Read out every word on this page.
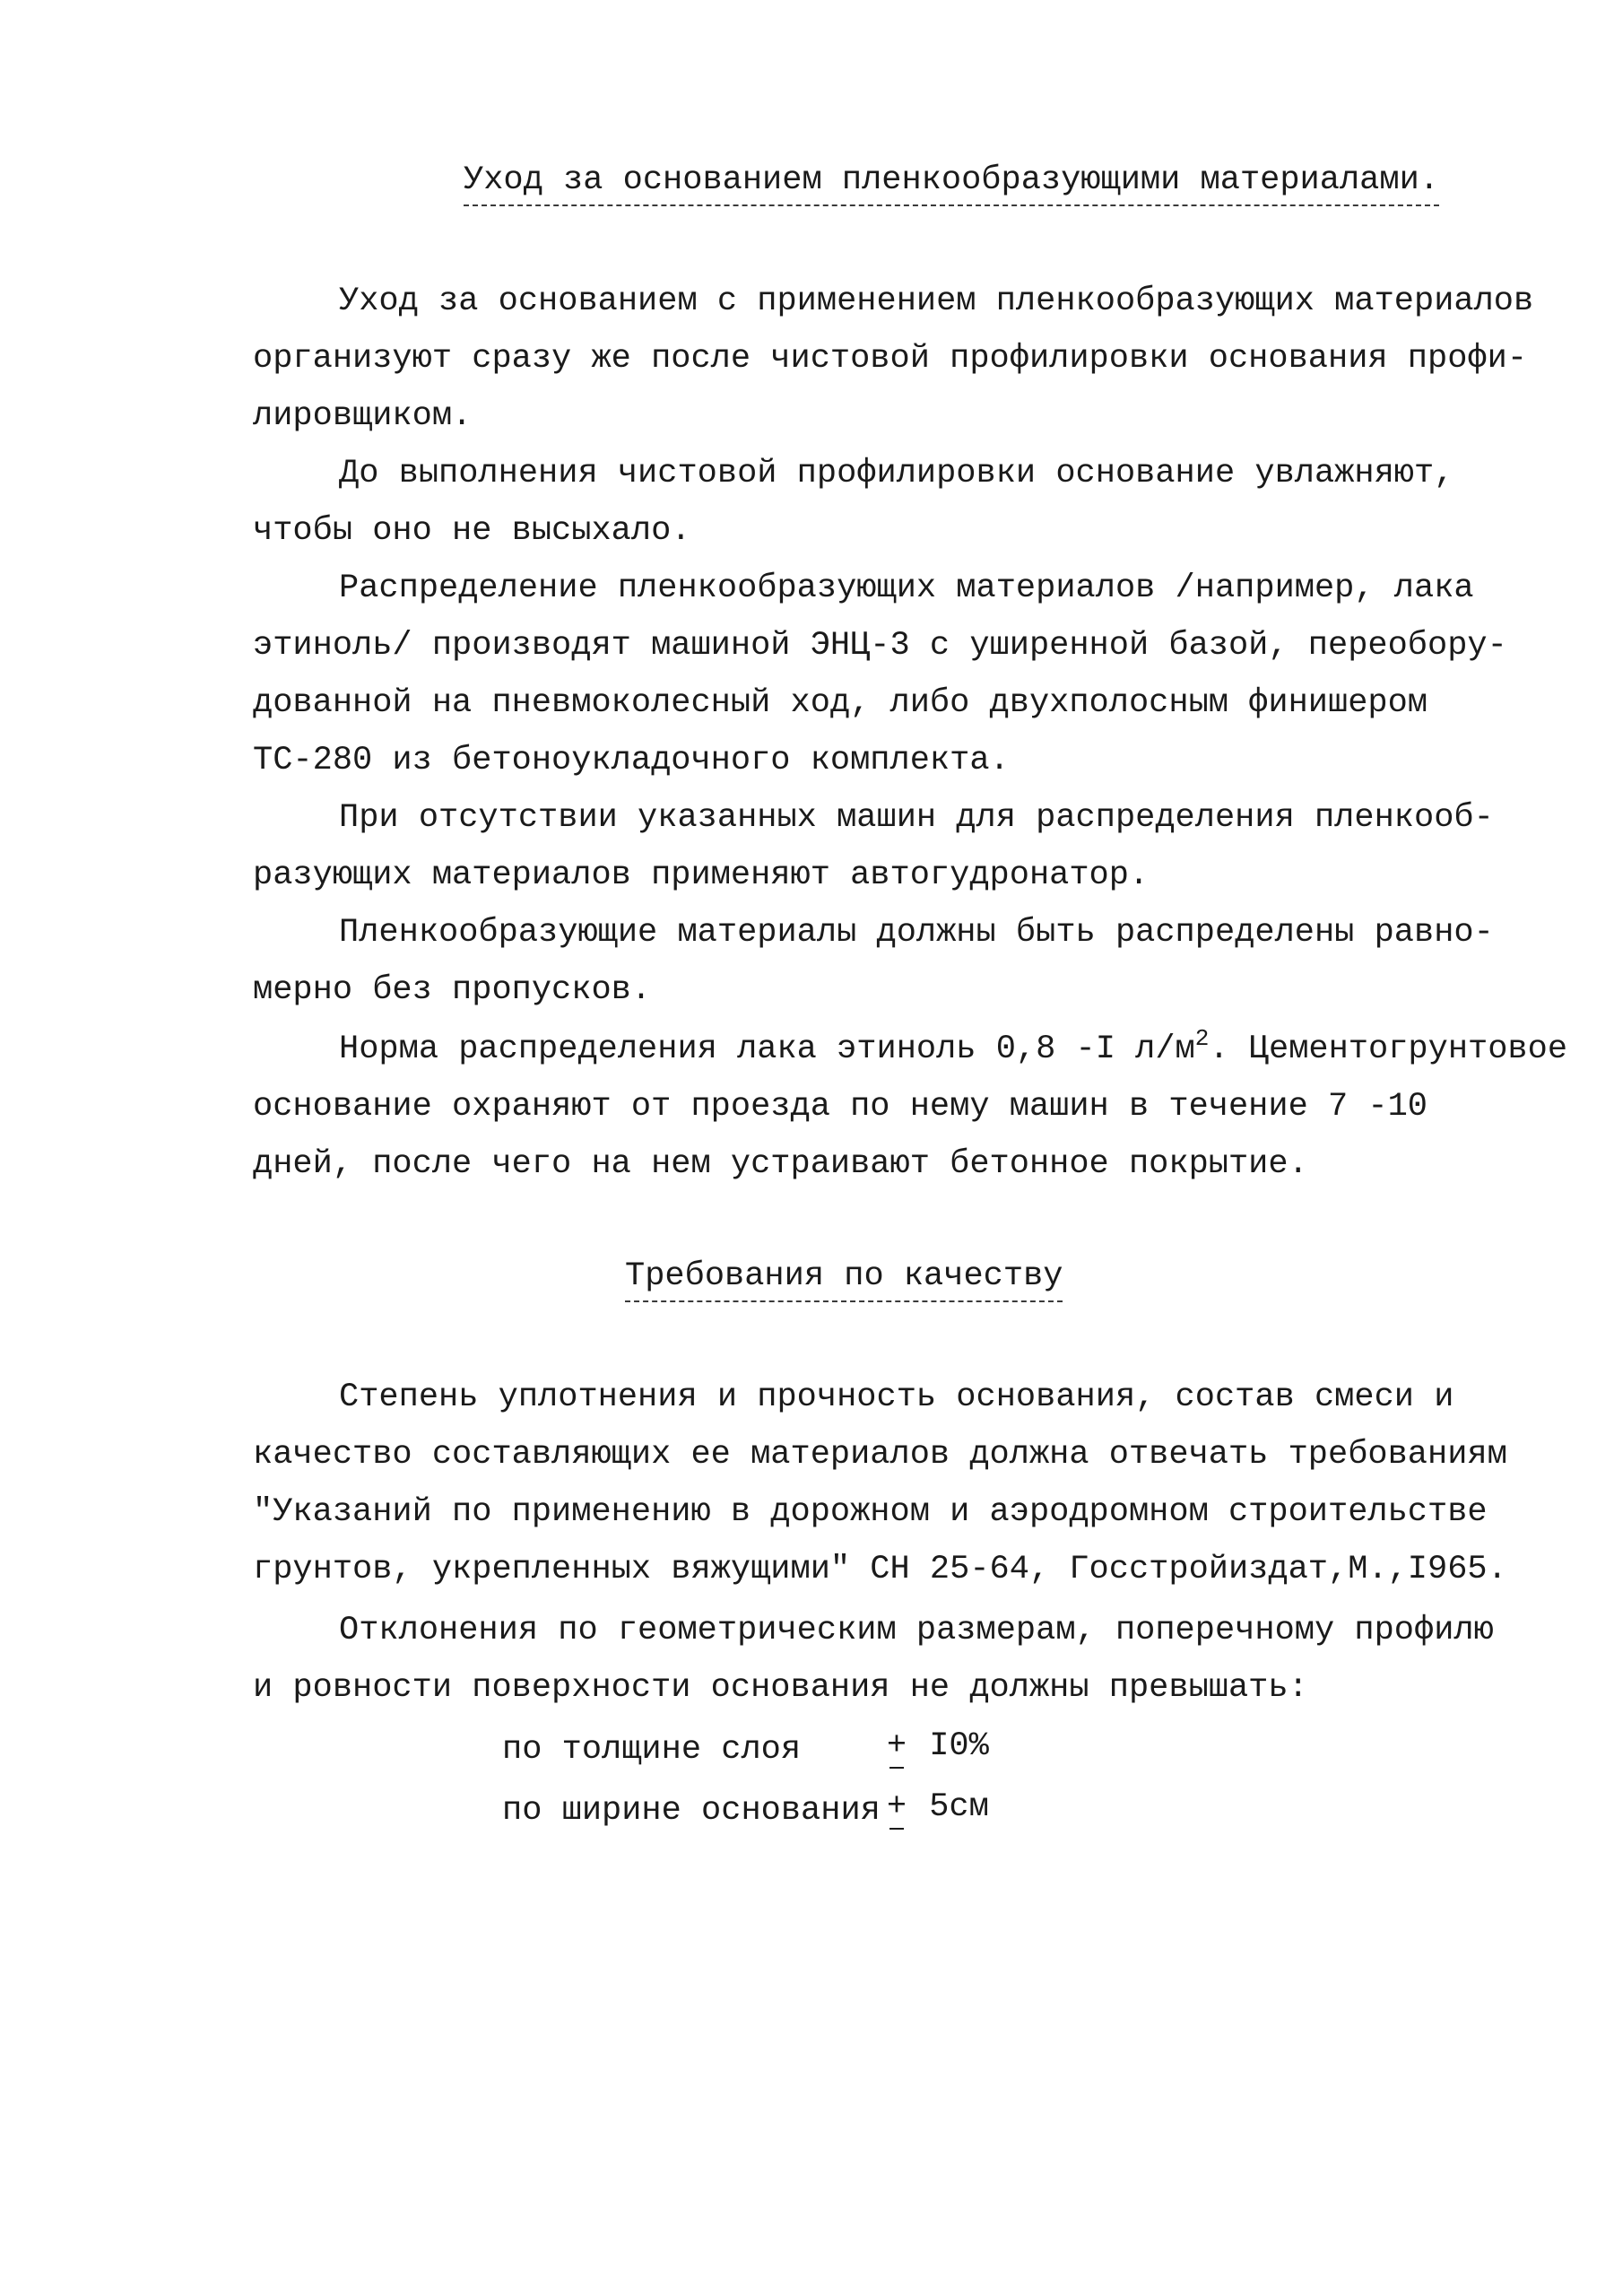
Уход за основанием пленкообразующими материалами.
Уход за основанием с применением пленкообразующих материалов
организуют сразу же после чистовой профилировки основания профи-
лировщиком.
До выполнения чистовой профилировки основание увлажняют,
чтобы оно не высыхало.
Распределение пленкообразующих материалов /например, лака
этиноль/ производят машиной ЭНЦ-3 с уширенной базой, переобору-
дованной на пневмоколесный ход, либо двухполосным финишером
ТС-280 из бетоноукладочного комплекта.
При отсутствии указанных машин для распределения пленкооб-
разующих материалов применяют автогудронатор.
Пленкообразующие материалы должны быть распределены равно-
мерно без пропусков.
Норма распределения лака этиноль 0,8 -I $л/м^2$. Цементогрунтовое
основание охраняют от проезда по нему машин в течение 7 -10
дней, после чего на нем устраивают бетонное покрытие.
Требования по качеству
Степень уплотнения и прочность основания, состав смеси и
качество составляющих ее материалов должна отвечать требованиям
"Указаний по применению в дорожном и аэродромном строительстве
грунтов, укрепленных вяжущими" СН 25-64, Госстройиздат,М.,I965.
Отклонения по геометрическим размерам, поперечному профилю
и ровности поверхности основания не должны превышать:
по толщине слоя	+ I0%
по ширине основания + 5см
